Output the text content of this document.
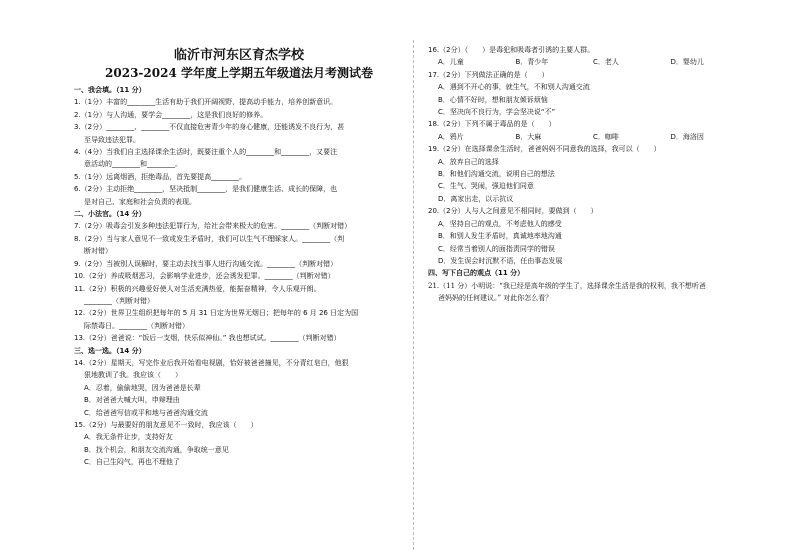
临沂市河东区育杰学校
2023-2024 学年度上学期五年级道法月考测试卷
一、我会填。（11 分）
1.（1分）丰富的________生活有助于我们开阔视野，提高动手能力，培养创新意识。
2.（1分）与人沟通，要学会________，这是我们良好的修养。
3.（2分）________、________不仅直接危害青少年的身心健康，还能诱发不良行为，甚
至导致违法犯罪。
4.（4分）当我们自主选择课余生活时，既要注重个人的________和________，又要注
意活动的________和________。
5.（1分）远离烟酒，拒绝毒品，首先要提高________。
6.（2分）主动拒绝________，坚决抵制________，是我们健康生活、成长的保障，也
是对自己、家庭和社会负责的表现。
二、小法官。（14 分）
7.（2分）吸毒会引发多种违法犯罪行为，给社会带来极大的危害。________（判断对错）
8.（2分）当与家人意见不一致或发生矛盾时，我们可以生气不理睬家人。________（判
断对错）
9.（2分）当被别人误解时，要主动去找当事人进行沟通交流。________（判断对错）
10.（2分）养成吸烟恶习，会影响学业进步，还会诱发犯罪。________（判断对错）
11.（2分）积极的兴趣爱好使人对生活充满热爱，能振奋精神，令人乐观开朗。
________（判断对错）
12.（2分）世界卫生组织把每年的 5 月 31 日定为世界无烟日；把每年的 6 月 26 日定为国
际禁毒日。________（判断对错）
13.（2分）爸爸说：“饭后一支烟，快乐似神仙。” 我也想试试。________（判断对错）
三、选一选。（14 分）
14.（2分）星期天，写完作业后我开始看电视剧，恰好被爸爸撞见，不分青红皂白，他狠
狠地教训了我。我应该（　　）
A．忍着，偷偷地哭，因为爸爸是长辈
B．对爸爸大喊大叫，申辩理由
C．给爸爸写信或平和地与爸爸沟通交流
15.（2分）与最要好的朋友意见不一致时，我应该（　　）
A．我无条件让步，支持好友
B．找个机会，和朋友交流沟通，争取统一意见
C．自己生闷气，再也不理他了
16.（2分）（　　）是毒犯和吸毒者引诱的主要人群。
A．儿童	B．青少年	C．老人	D．婴幼儿
17.（2分）下列做法正确的是（　　）
A．遇到不开心的事，就生气，不和别人沟通交流
B．心情不好时，想和朋友倾诉烦恼
C．坚决向不良行为，学会坚决说“不”
18.（2分）下列不属于毒品的是（　　）
A．鸦片	B．大麻	C．咖啡	D．海洛因
19.（2分）在选择课余生活时，爸爸妈妈不同意我的选择，我可以（　　）
A．放弃自己的选择
B．和他们沟通交流，说明自己的想法
C．生气、哭闹，强迫他们同意
D．离家出走，以示抗议
20.（2分）人与人之间意见不相同时，要做到（　　）
A．坚持自己的观点，不考虑他人的感受
B．和别人发生矛盾时，真诚地率地沟通
C．经常当着别人的面指责同学的错误
D．发生误会时沉默不语，任由事态发展
四、写下自己的观点（11 分）
21.（11 分）小明说：“我已经是高年级的学生了，选择课余生活是我的权利，我不想听爸
爸妈妈的任何建议。” 对此你怎么看？
